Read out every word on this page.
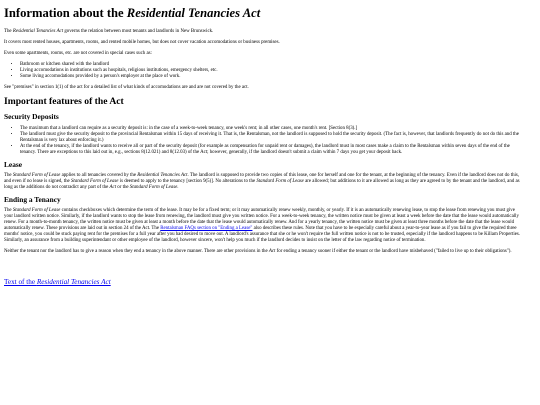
Information about the Residential Tenancies Act

The Residential Tenancies Act governs the relation between most tenants and landlords in New Brunswick.

It covers most rented houses, apartments, rooms, and rented mobile homes, but does not cover vacation accomodations or business premises.

Even some apartments, rooms, etc. are not covered in special cases such as:

• Bathroom or kitchen shared with the landlord
• Living accomodations in institutions such as hospitals, religious institutions, emergency shelters, etc.
• Some living accomodations provided by a person's employer at the place of work.

See "premises" in section 1(1) of the act for a detailed list of what kinds of accomodations are and are not covered by the act.

Important features of the Act
Security Deposits
• The maximum that a landlord can require as a security deposit is: in the case of a week-to-week tenancy, one week's rent; in all other cases, one month's rent. [Section 8(3).]
• The landlord must give the security deposit to the provincial Rentalsman within 15 days of receiving it. That is, the Rentalsman, not the landlord is supposed to hold the security deposit. (The fact is, however, that landlords frequently do not do this and the Rentalsman is very lax about enforcing it.)
• At the end of the tenancy, if the landlord wants to receive all or part of the security deposit (for example as compensation for unpaid rent or damages), the landlord must in most cases make a claim to the Rentalsman within seven days of the end of the tenancy. There are exceptions to this laid out in, e.g., sections 8(12.021) and 8(12.03) of the Act; however, generally, if the landlord doesn't submit a claim within 7 days you get your deposit back.
Lease

The Standard Form of Lease applies to all tenancies covered by the Residential Tenancies Act. The landlord is supposed to provide two copies of this lease, one for herself and one for the tenant, at the beginning of the tenancy. Even if the landlord does not do this, and even if no lease is signed, the Standard Form of Lease is deemed to apply to the tenancy [section 9(5)]. No alterations to the Standard Form of Lease are allowed; but additions to it are allowed as long as they are agreed to by the tenant and the landlord, and as long as the additions do not contradict any part of the Act or the Standard Form of Lease.

Ending a Tenancy

The Standard Form of Lease contains checkboxes which determine the term of the lease. It may be for a fixed term; or it may automatically renew weekly, monthly, or yearly. If it is an automatically renewing lease, to stop the lease from renewing you must give your landlord written notice. Similarly, if the landlord wants to stop the lease from renewing, the landlord must give you written notice. For a week-to-week tenancy, the written notice must be given at least a week before the date that the lease would automatically renew. For a month-to-month tenancy, the written notice must be given at least a month before the date that the lease would automatically renew. And for a yearly tenancy, the written notice must be given at least three months before the date that the lease would automatically renew. These provisions are laid out in section 24 of the Act. The Rentalsman FAQs section on "Ending a Lease" also describes these rules. Note that you have to be especially careful about a year-to-year lease as if you fail to give the required three months' notice, you could be stuck paying rent for the premises for a full year after you had desired to move out. A landlord's assurance that she or he won't require the full written notice is not to be trusted, especially if the landlord happens to be Killam Properties. Similarly, an assurance from a building superintendant or other employee of the landlord, however sincere, won't help you much if the landlord decides to insist on the letter of the law regarding notice of termination.

Neither the tenant nor the landlord has to give a reason when they end a tenancy in the above manner. There are other provisions in the Act for ending a tenancy sooner if either the tenant or the landlord have misbehaved ("failed to live up to their obligations").

Text of the Residential Tenancies Act
